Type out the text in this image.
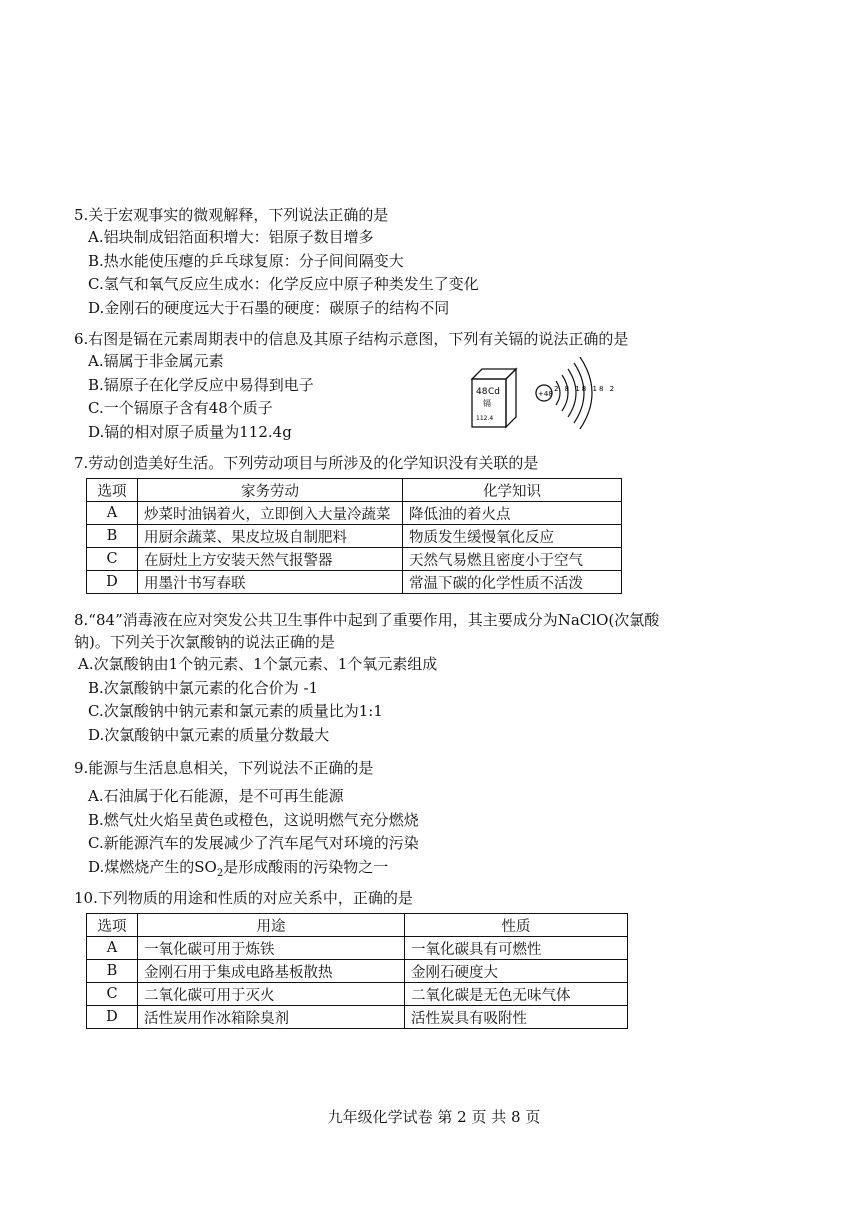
5.关于宏观事实的微观解释，下列说法正确的是
A.铝块制成铝箔面积增大：铝原子数目增多
B.热水能使压瘪的乒乓球复原：分子间间隔变大
C.氢气和氧气反应生成水：化学反应中原子种类发生了变化
D.金刚石的硬度远大于石墨的硬度：碳原子的结构不同
6.右图是镉在元素周期表中的信息及其原子结构示意图，下列有关镉的说法正确的是
A.镉属于非金属元素
B.镉原子在化学反应中易得到电子
C.一个镉原子含有48个质子
D.镉的相对原子质量为112.4g
48 Cd
镉
112.4
+48
2 8 18 18 2
7.劳动创造美好生活。下列劳动项目与所涉及的化学知识没有关联的是
选项	家务劳动	化学知识
A	炒菜时油锅着火，立即倒入大量冷蔬菜	降低油的着火点
B	用厨余蔬菜、果皮垃圾自制肥料	物质发生缓慢氧化反应
C	在厨灶上方安装天然气报警器	天然气易燃且密度小于空气
D	用墨汁书写春联	常温下碳的化学性质不活泼
8.“84”消毒液在应对突发公共卫生事件中起到了重要作用，其主要成分为NaClO(次氯酸
钠)。下列关于次氯酸钠的说法正确的是
A.次氯酸钠由1个钠元素、1个氯元素、1个氧元素组成
B.次氯酸钠中氯元素的化合价为 -1
C.次氯酸钠中钠元素和氯元素的质量比为1:1
D.次氯酸钠中氯元素的质量分数最大
9.能源与生活息息相关，下列说法不正确的是
A.石油属于化石能源，是不可再生能源
B.燃气灶火焰呈黄色或橙色，这说明燃气充分燃烧
C.新能源汽车的发展减少了汽车尾气对环境的污染
D.煤燃烧产生的$SO_2$是形成酸雨的污染物之一
10.下列物质的用途和性质的对应关系中，正确的是
选项	用途	性质
A	一氧化碳可用于炼铁	一氧化碳具有可燃性
B	金刚石用于集成电路基板散热	金刚石硬度大
C	二氧化碳可用于灭火	二氧化碳是无色无味气体
D	活性炭用作冰箱除臭剂	活性炭具有吸附性
九年级化学试卷 第 2 页 共 8 页
